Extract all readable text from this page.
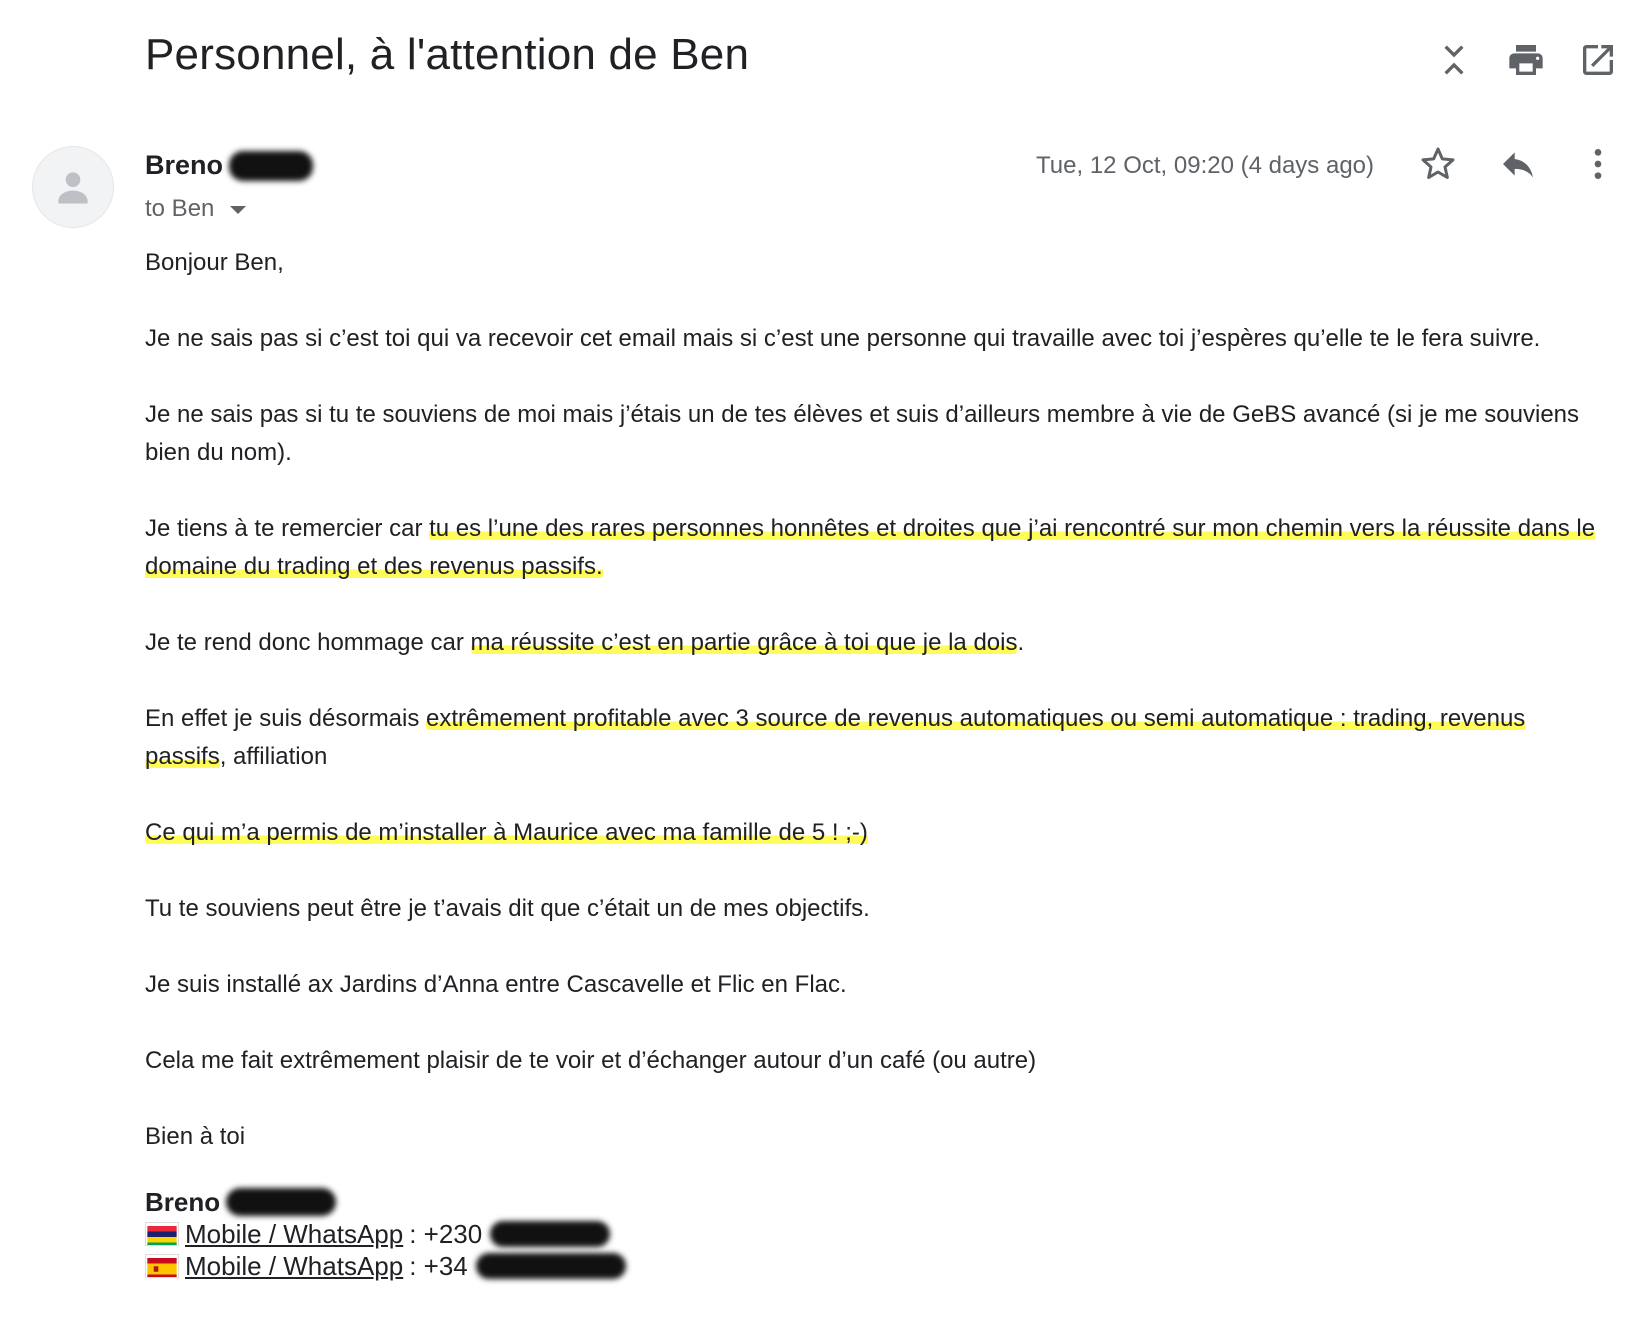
Personnel, à l'attention de Ben
Breno
to Ben
Tue, 12 Oct, 09:20 (4 days ago)

Bonjour Ben,

Je ne sais pas si c’est toi qui va recevoir cet email mais si c’est une personne qui travaille avec toi j’espères qu’elle te le fera suivre.

Je ne sais pas si tu te souviens de moi mais j’étais un de tes élèves et suis d’ailleurs membre à vie de GeBS avancé (si je me souviens bien du nom).

Je tiens à te remercier car tu es l’une des rares personnes honnêtes et droites que j’ai rencontré sur mon chemin vers la réussite dans le domaine du trading et des revenus passifs.

Je te rend donc hommage car ma réussite c’est en partie grâce à toi que je la dois.

En effet je suis désormais extrêmement profitable avec 3 source de revenus automatiques ou semi automatique : trading, revenus passifs, affiliation

Ce qui m’a permis de m’installer à Maurice avec ma famille de 5 ! ;-)

Tu te souviens peut être je t’avais dit que c’était un de mes objectifs.

Je suis installé ax Jardins d’Anna entre Cascavelle et Flic en Flac.

Cela me fait extrêmement plaisir de te voir et d’échanger autour d’un café (ou autre)

Bien à toi

Breno
Mobile / WhatsApp : +230
Mobile / WhatsApp : +34
